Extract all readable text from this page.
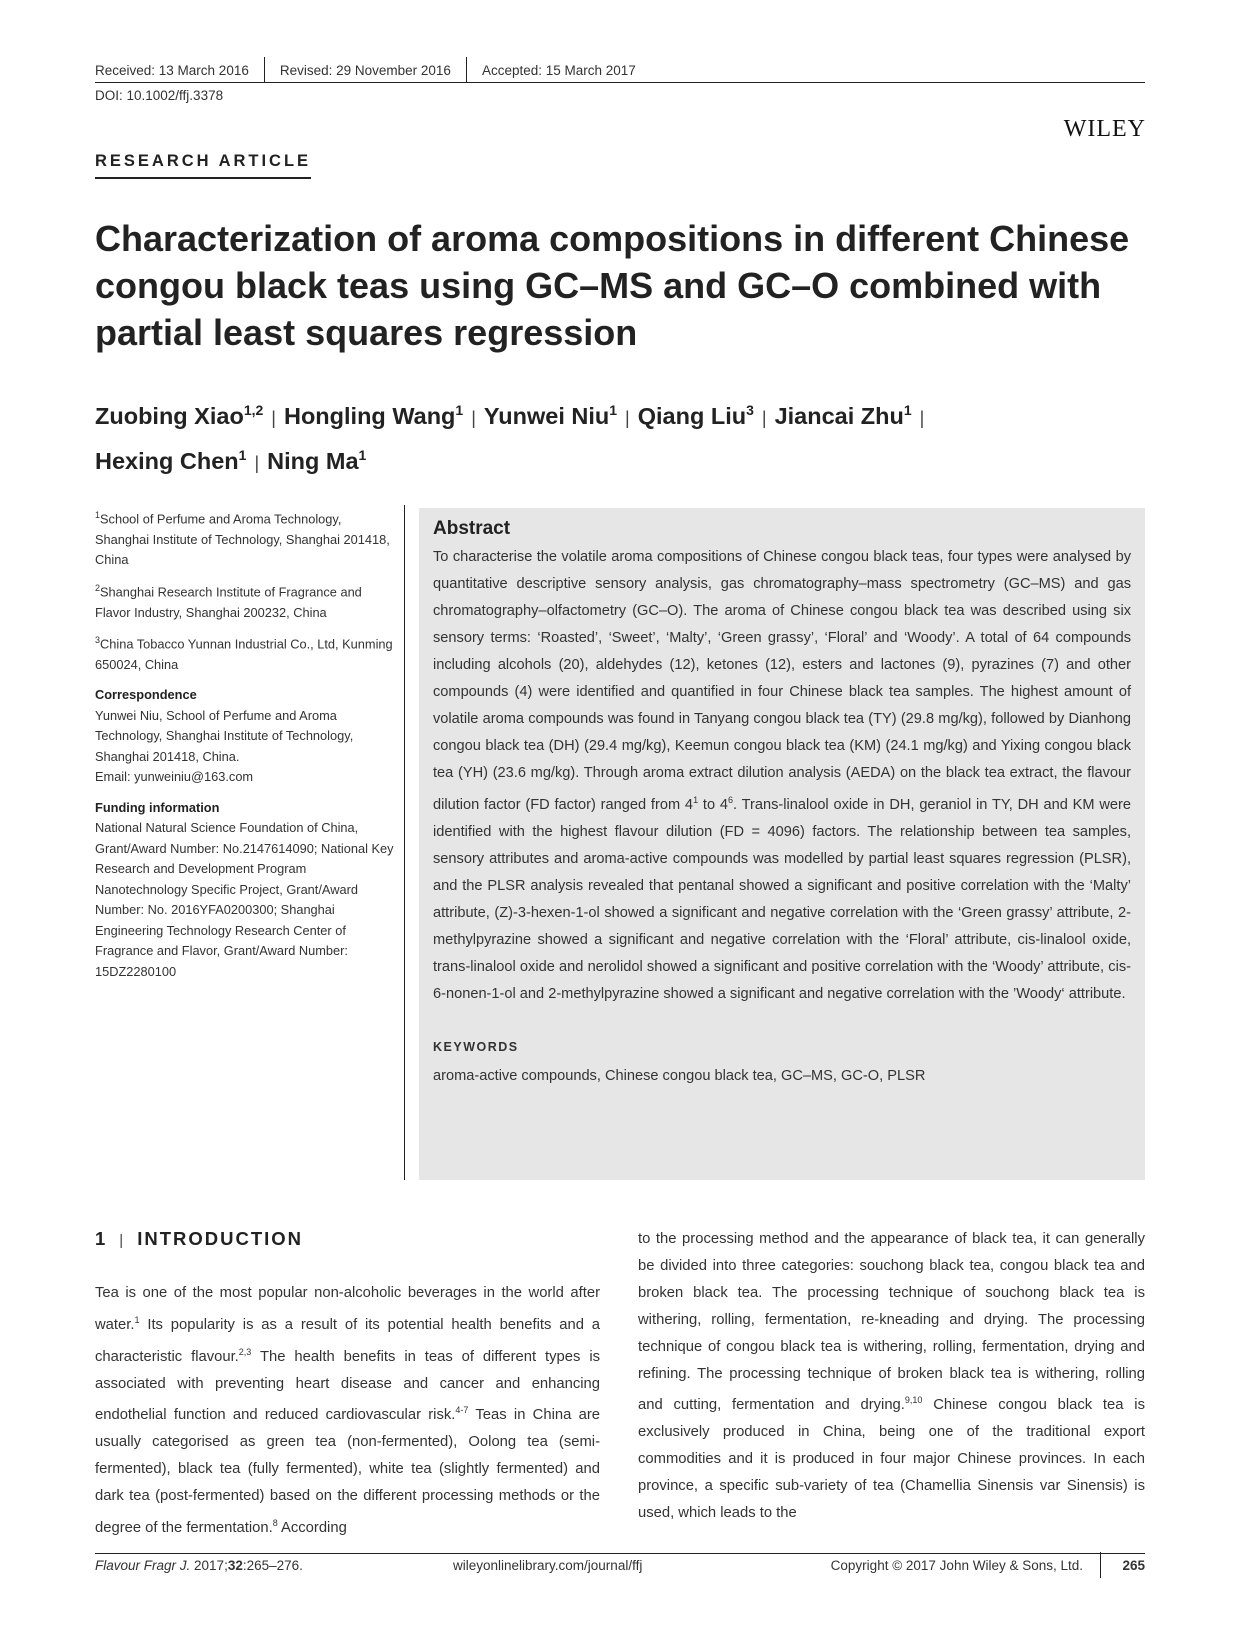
Received: 13 March 2016 Revised: 29 November 2016 Accepted: 15 March 2017
DOI: 10.1002/ffj.3378
WILEY
RESEARCH ARTICLE
Characterization of aroma compositions in different Chinese congou black teas using GC–MS and GC–O combined with partial least squares regression
Zuobing Xiao$^{1,2}$ | Hongling Wang$^1$ | Yunwei Niu$^1$ | Qiang Liu$^3$ | Jiancai Zhu$^1$ |
Hexing Chen$^1$ | Ning Ma$^1$

$^1$School of Perfume and Aroma Technology, Shanghai Institute of Technology, Shanghai 201418, China

$^2$Shanghai Research Institute of Fragrance and Flavor Industry, Shanghai 200232, China

$^3$China Tobacco Yunnan Industrial Co., Ltd, Kunming 650024, China

Correspondence

Yunwei Niu, School of Perfume and Aroma Technology, Shanghai Institute of Technology, Shanghai 201418, China.

Email: yunweiniu@163.com

Funding information

National Natural Science Foundation of China, Grant/Award Number: No.2147614090; National Key Research and Development Program Nanotechnology Specific Project, Grant/Award Number: No. 2016YFA0200300; Shanghai Engineering Technology Research Center of Fragrance and Flavor, Grant/Award Number: 15DZ2280100

Abstract

To characterise the volatile aroma compositions of Chinese congou black teas, four types were analysed by quantitative descriptive sensory analysis, gas chromatography–mass spectrometry (GC–MS) and gas chromatography–olfactometry (GC–O). The aroma of Chinese congou black tea was described using six sensory terms: ‘Roasted’, ‘Sweet’, ‘Malty’, ‘Green grassy’, ‘Floral’ and ‘Woody’. A total of 64 compounds including alcohols (20), aldehydes (12), ketones (12), esters and lactones (9), pyrazines (7) and other compounds (4) were identified and quantified in four Chinese black tea samples. The highest amount of volatile aroma compounds was found in Tanyang congou black tea (TY) (29.8 mg/kg), followed by Dianhong congou black tea (DH) (29.4 mg/kg), Keemun congou black tea (KM) (24.1 mg/kg) and Yixing congou black tea (YH) (23.6 mg/kg). Through aroma extract dilution analysis (AEDA) on the black tea extract, the flavour dilution factor (FD factor) ranged from $4^1$ to $4^6$. Trans-linalool oxide in DH, geraniol in TY, DH and KM were identified with the highest flavour dilution (FD = 4096) factors. The relationship between tea samples, sensory attributes and aroma-active compounds was modelled by partial least squares regression (PLSR), and the PLSR analysis revealed that pentanal showed a significant and positive correlation with the ‘Malty’ attribute, (Z)-3-hexen-1-ol showed a significant and negative correlation with the ‘Green grassy’ attribute, 2-methylpyrazine showed a significant and negative correlation with the ‘Floral’ attribute, cis-linalool oxide, trans-linalool oxide and nerolidol showed a significant and positive correlation with the ‘Woody’ attribute, cis-6-nonen-1-ol and 2-methylpyrazine showed a significant and negative correlation with the ’Woody‘ attribute.

KEYWORDS
aroma-active compounds, Chinese congou black tea, GC–MS, GC-O, PLSR
1 | INTRODUCTION

Tea is one of the most popular non-alcoholic beverages in the world after water.$^1$ Its popularity is as a result of its potential health benefits and a characteristic flavour.$^{2,3}$ The health benefits in teas of different types is associated with preventing heart disease and cancer and enhancing endothelial function and reduced cardiovascular risk.$^{4-7}$ Teas in China are usually categorised as green tea (non-fermented), Oolong tea (semi-fermented), black tea (fully fermented), white tea (slightly fermented) and dark tea (post-fermented) based on the different processing methods or the degree of the fermentation.$^8$ According

to the processing method and the appearance of black tea, it can generally be divided into three categories: souchong black tea, congou black tea and broken black tea. The processing technique of souchong black tea is withering, rolling, fermentation, re-kneading and drying. The processing technique of congou black tea is withering, rolling, fermentation, drying and refining. The processing technique of broken black tea is withering, rolling and cutting, fermentation and drying.$^{9,10}$ Chinese congou black tea is exclusively produced in China, being one of the traditional export commodities and it is produced in four major Chinese provinces. In each province, a specific sub-variety of tea (Chamellia Sinensis var Sinensis) is used, which leads to the

Flavour Fragr J. 2017;32:265–276.	wileyonlinelibrary.com/journal/ffj	Copyright © 2017 John Wiley & Sons, Ltd.	265
